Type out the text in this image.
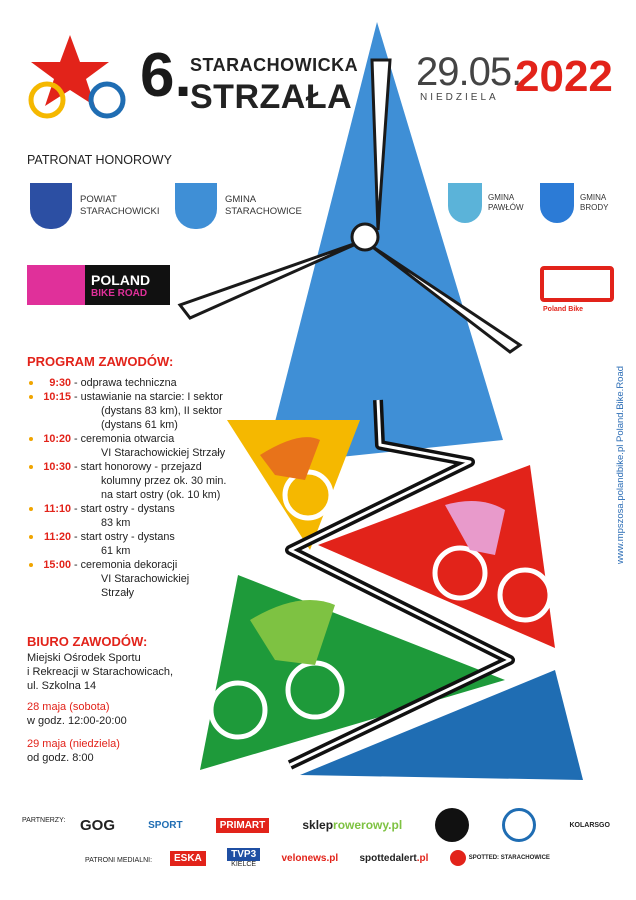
6.
STARACHOWICKA
STRZAŁA
29.05.
2022
NIEDZIELA
PATRONAT HONOROWY
POWIAT
STARACHOWICKI
GMINA
STARACHOWICE
GMINA
PAWŁÓW
GMINA
BRODY
POLAND
BIKE ROAD
Poland Bike
PROGRAM ZAWODÓW:
9:30 - odprawa techniczna
10:15 - ustawianie na starcie: I sektor
(dystans 83 km), II sektor
(dystans 61 km)
10:20 - ceremonia otwarcia
VI Starachowickiej Strzały
10:30 - start honorowy - przejazd
kolumny przez ok. 30 min.
na start ostry (ok. 10 km)
11:10 - start ostry - dystans
83 km
11:20 - start ostry - dystans
61 km
15:00 - ceremonia dekoracji
VI Starachowickiej
Strzały
BIURO ZAWODÓW:
Miejski Ośrodek Sportu
i Rekreacji w Starachowicach,
ul. Szkolna 14
28 maja (sobota)
w godz. 12:00-20:00
29 maja (niedziela)
od godz. 8:00
www.mpszosa.polandbike.pl Poland.Bike.Road
PARTNERZY: GOG	SPORT	PRIMART	skleprowerowy.pl	KOLARSGO
PATRONI MEDIALNI:	ESKA	TVP3
KIELCE
velonews.pl spottedalert.pl	SPOTTED: STARACHOWICE
